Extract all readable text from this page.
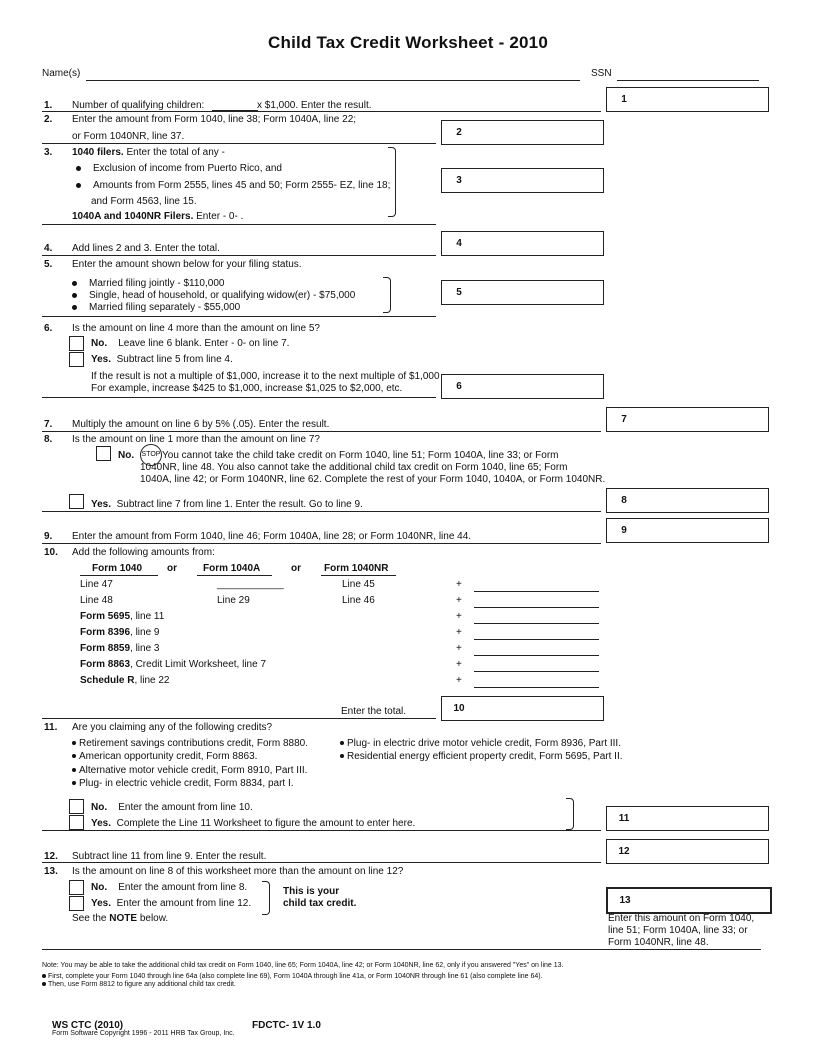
Child Tax Credit Worksheet - 2010
Name(s)	SSN
1. Number of qualifying children:	x $1,000. Enter the result.
1
2. Enter the amount from Form 1040, line 38; Form 1040A, line 22;
or Form 1040NR, line 37.	2
3. 1040 filers. Enter the total of any -
Exclusion of income from Puerto Rico, and
Amounts from Form 2555, lines 45 and 50; Form 2555- EZ, line 18;
and Form 4563, line 15.
1040A and 1040NR Filers. Enter - 0- .
3
4. Add lines 2 and 3. Enter the total.	4
5. Enter the amount shown below for your filing status.
Married filing jointly - $110,000
Single, head of household, or qualifying widow(er) - $75,000
Married filing separately - $55,000
5
6. Is the amount on line 4 more than the amount on line 5?
No. Leave line 6 blank. Enter - 0- on line 7.
Yes. Subtract line 5 from line 4.
If the result is not a multiple of $1,000, increase it to the next multiple of $1,000
For example, increase $425 to $1,000, increase $1,025 to $2,000, etc.	6
7. Multiply the amount on line 6 by 5% (.05). Enter the result.	7
8. Is the amount on line 1 more than the amount on line 7?
No. STOP You cannot take the child take credit on Form 1040, line 51; Form 1040A, line 33; or Form
1040NR, line 48. You also cannot take the additional child tax credit on Form 1040, line 65; Form
1040A, line 42; or Form 1040NR, line 62. Complete the rest of your Form 1040, 1040A, or Form 1040NR.
Yes. Subtract line 7 from line 1. Enter the result. Go to line 9.	8
9. Enter the amount from Form 1040, line 46; Form 1040A, line 28; or Form 1040NR, line 44.
9
10. Add the following amounts from:
Form 1040 or	Form 1040A	or Form 1040NR
Line 47	____________	Line 45	+
Line 48	Line 29	Line 46	+
Form 5695, line 11	+
Form 8396, line 9	+
Form 8859, line 3	+
Form 8863, Credit Limit Worksheet, line 7	+
Schedule R, line 22	+
Enter the total.	10
11. Are you claiming any of the following credits?
Retirement savings contributions credit, Form 8880.
American opportunity credit, Form 8863.
Alternative motor vehicle credit, Form 8910, Part III.
Plug- in electric vehicle credit, Form 8834, part I.
Plug- in electric drive motor vehicle credit, Form 8936, Part III.
Residential energy efficient property credit, Form 5695, Part II.
No. Enter the amount from line 10.
Yes. Complete the Line 11 Worksheet to figure the amount to enter here.	11
12. Subtract line 11 from line 9. Enter the result.	12
13. Is the amount on line 8 of this worksheet more than the amount on line 12?
No. Enter the amount from line 8.
Yes. Enter the amount from line 12.
See the NOTE below.
This is your
child tax credit.	13
Enter this amount on Form 1040,
line 51; Form 1040A, line 33; or
Form 1040NR, line 48.
Note: You may be able to take the additional child tax credit on Form 1040, line 65; Form 1040A, line 42; or Form 1040NR, line 62, only if you answered "Yes" on line 13.
First, complete your Form 1040 through line 64a (also complete line 69), Form 1040A through line 41a, or Form 1040NR through line 61 (also complete line 64).
Then, use Form 8812 to figure any additional child tax credit.
WS CTC (2010)
Form Software Copyright 1996 - 2011 HRB Tax Group, Inc.
FDCTC- 1V 1.0
